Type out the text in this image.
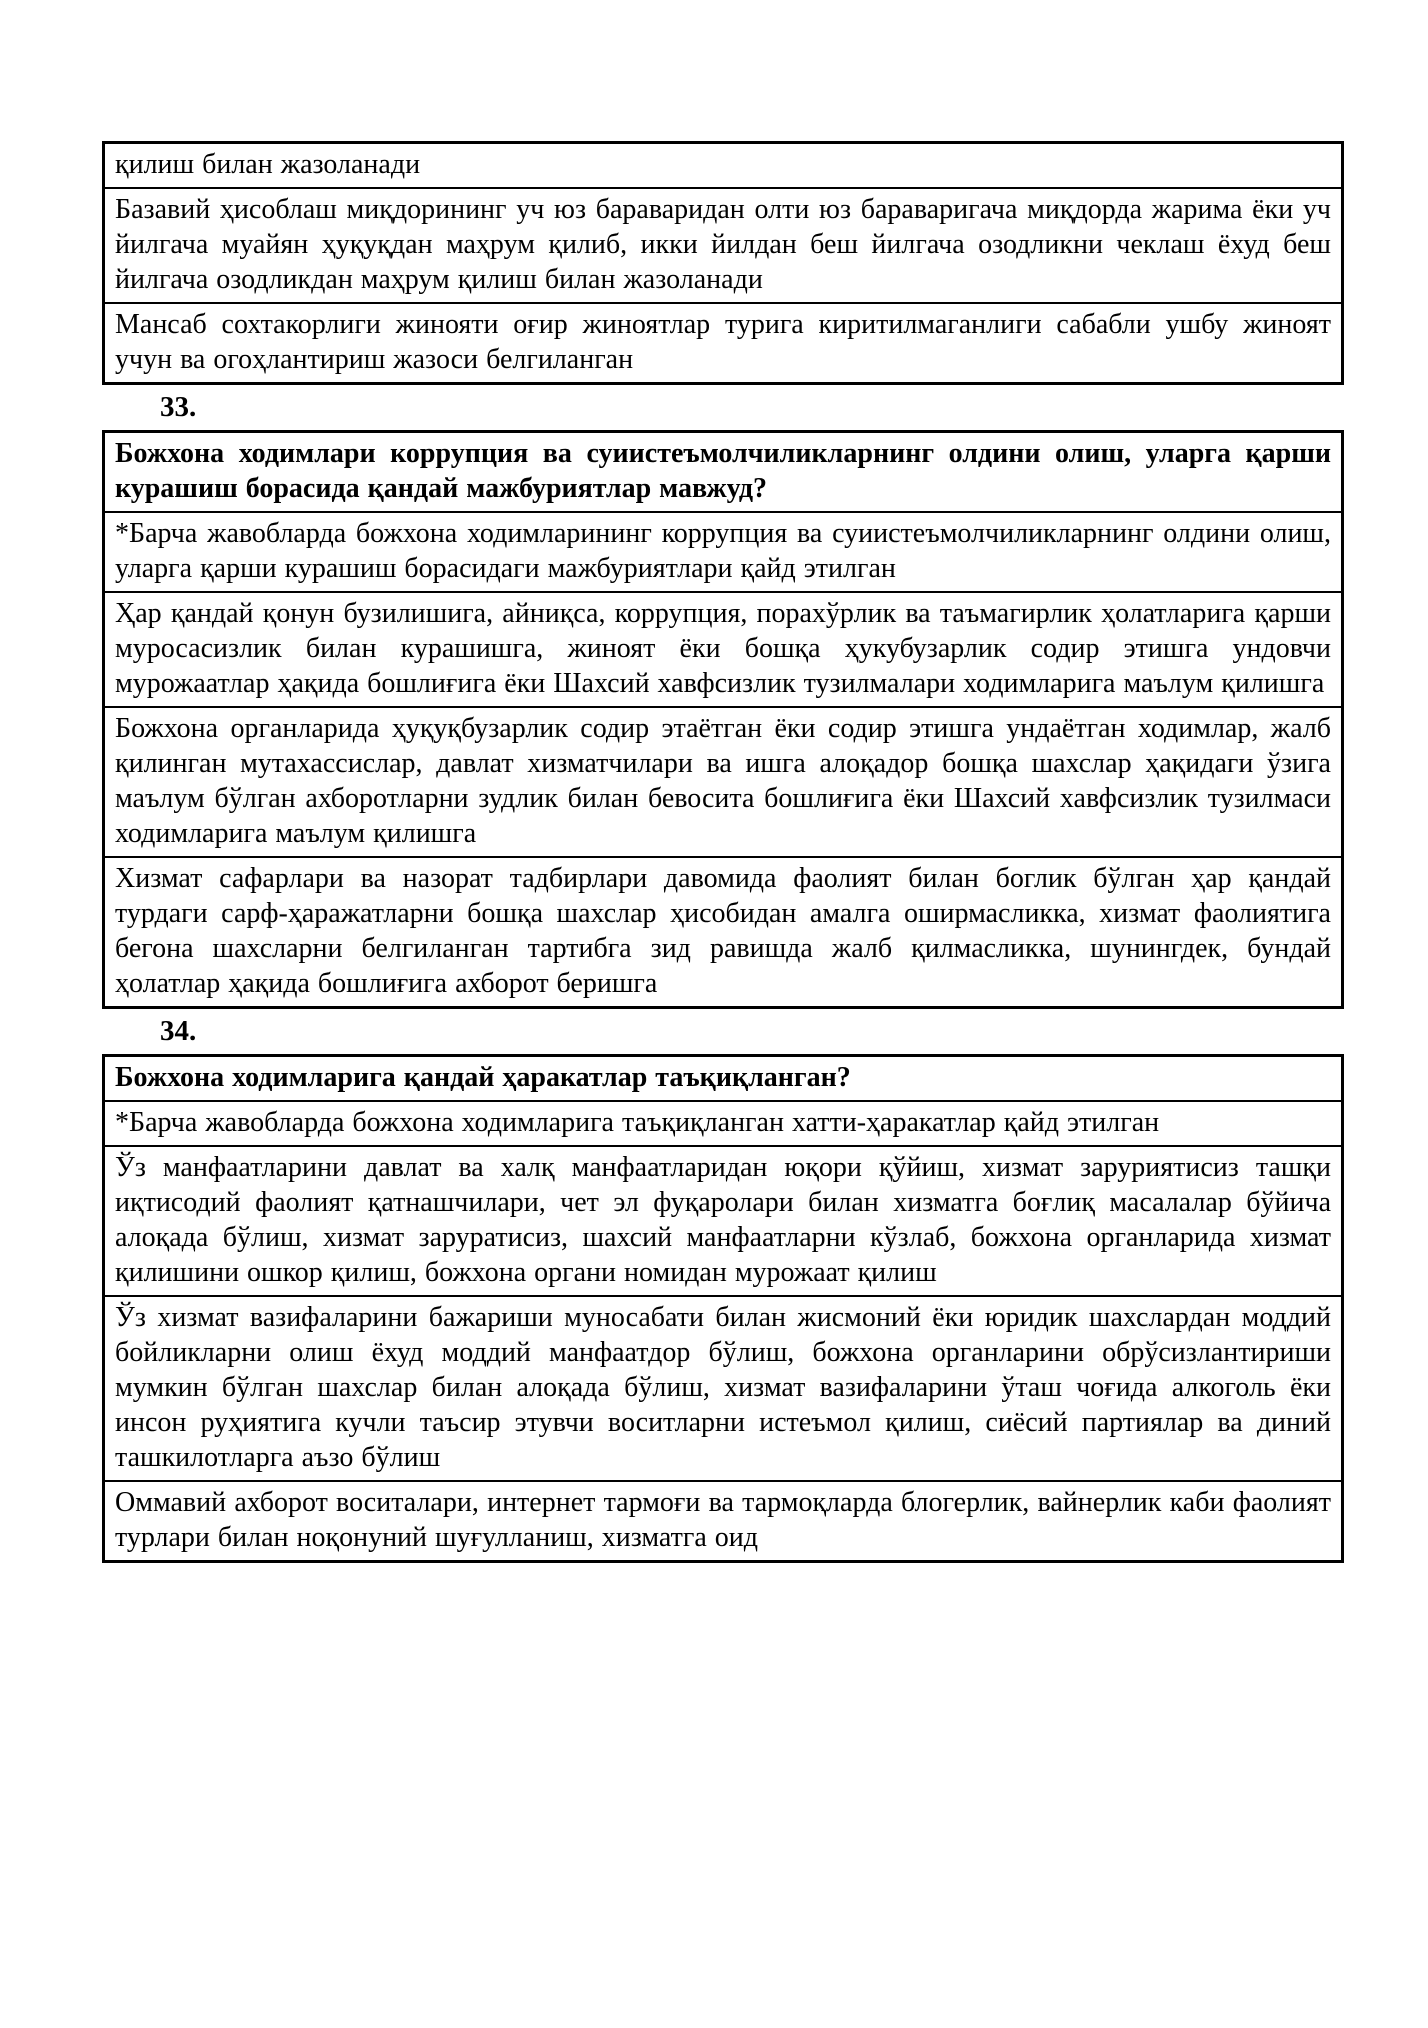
қилиш билан жазоланади
Базавий ҳисоблаш миқдорининг уч юз бараваридан олти юз бараваригача миқдорда жарима ёки уч йилгача муайян ҳуқуқдан маҳрум қилиб, икки йилдан беш йилгача озодликни чеклаш ёхуд беш йилгача озодликдан маҳрум қилиш билан жазоланади
Мансаб сохтакорлиги жинояти оғир жиноятлар турига киритилмаганлиги сабабли ушбу жиноят учун ва огоҳлантириш жазоси белгиланган

33.

Божхона ходимлари коррупция ва суиистеъмолчиликларнинг олдини олиш, уларга қарши курашиш борасида қандай мажбуриятлар мавжуд?
*Барча жавобларда божхона ходимларининг коррупция ва суиистеъмолчиликларнинг олдини олиш, уларга қарши курашиш борасидаги мажбуриятлари қайд этилган
Ҳар қандай қонун бузилишига, айниқса, коррупция, порахўрлик ва таъмагирлик ҳолатларига қарши муросасизлик билан курашишга, жиноят ёки бошқа ҳукубузарлик содир этишга ундовчи мурожаатлар ҳақида бошлиғига ёки Шахсий хавфсизлик тузилмалари ходимларига маълум қилишга
Божхона органларида ҳуқуқбузарлик содир этаётган ёки содир этишга ундаётган ходимлар, жалб қилинган мутахассислар, давлат хизматчилари ва ишга алоқадор бошқа шахслар ҳақидаги ўзига маълум бўлган ахборотларни зудлик билан бевосита бошлиғига ёки Шахсий хавфсизлик тузилмаси ходимларига маълум қилишга
Хизмат сафарлари ва назорат тадбирлари давомида фаолият билан боглик бўлган ҳар қандай турдаги сарф-ҳаражатларни бошқа шахслар ҳисобидан амалга оширмасликка, хизмат фаолиятига бегона шахсларни белгиланган тартибга зид равишда жалб қилмасликка, шунингдек, бундай ҳолатлар ҳақида бошлиғига ахборот беришга

34.

Божхона ходимларига қандай ҳаракатлар таъқиқланган?
*Барча жавобларда божхона ходимларига таъқиқланган хатти-ҳаракатлар қайд этилган
Ўз манфаатларини давлат ва халқ манфаатларидан юқори қўйиш, хизмат заруриятисиз ташқи иқтисодий фаолият қатнашчилари, чет эл фуқаролари билан хизматга боғлиқ масалалар бўйича алоқада бўлиш, хизмат заруратисиз, шахсий манфаатларни кўзлаб, божхона органларида хизмат қилишини ошкор қилиш, божхона органи номидан мурожаат қилиш
Ўз хизмат вазифаларини бажариши муносабати билан жисмоний ёки юридик шахслардан моддий бойликларни олиш ёхуд моддий манфаатдор бўлиш, божхона органларини обрўсизлантириши мумкин бўлган шахслар билан алоқада бўлиш, хизмат вазифаларини ўташ чоғида алкоголь ёки инсон руҳиятига кучли таъсир этувчи воситларни истеъмол қилиш, сиёсий партиялар ва диний ташкилотларга аъзо бўлиш
Оммавий ахборот воситалари, интернет тармоғи ва тармоқларда блогерлик, вайнерлик каби фаолият турлари билан ноқонуний шуғулланиш, хизматга оид
